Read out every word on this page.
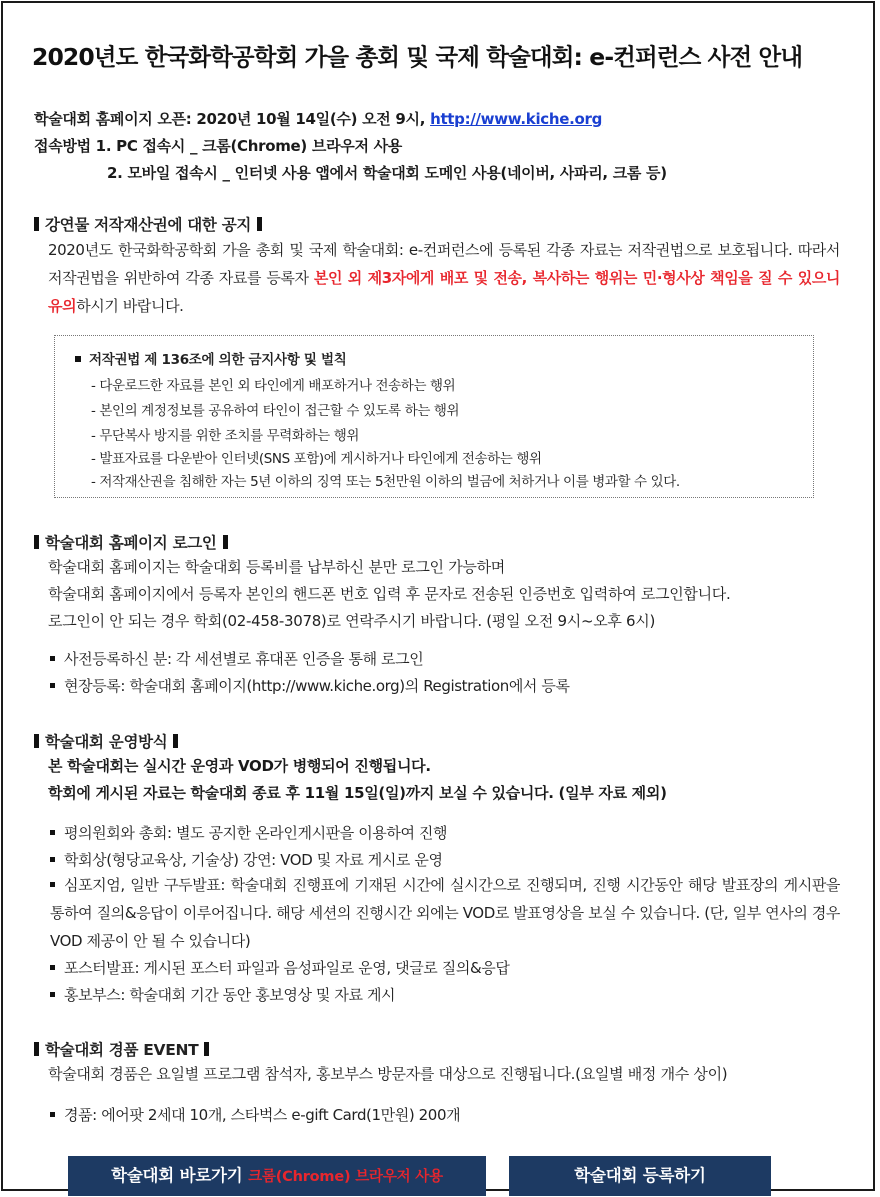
2020년도 한국화학공학회 가을 총회 및 국제 학술대회: e-컨퍼런스 사전 안내
학술대회 홈페이지 오픈: 2020년 10월 14일(수) 오전 9시, http://www.kiche.org
접속방법 1. PC 접속시 _ 크롬(Chrome) 브라우저 사용
2. 모바일 접속시 _ 인터넷 사용 앱에서 학술대회 도메인 사용(네이버, 사파리, 크롬 등)
강연물 저작재산권에 대한 공지
2020년도 한국화학공학회 가을 총회 및 국제 학술대회: e-컨퍼런스에 등록된 각종 자료는 저작권법으로 보호됩니다. 따라서 저작권법을 위반하여 각종 자료를 등록자 본인 외 제3자에게 배포 및 전송, 복사하는 행위는 민·형사상 책임을 질 수 있으니 유의하시기 바랍니다.
저작권법 제 136조에 의한 금지사항 및 벌칙
- 다운로드한 자료를 본인 외 타인에게 배포하거나 전송하는 행위
- 본인의 계정정보를 공유하여 타인이 접근할 수 있도록 하는 행위
- 무단복사 방지를 위한 조치를 무력화하는 행위
- 발표자료를 다운받아 인터넷(SNS 포함)에 게시하거나 타인에게 전송하는 행위
- 저작재산권을 침해한 자는 5년 이하의 징역 또는 5천만원 이하의 벌금에 처하거나 이를 병과할 수 있다.
학술대회 홈페이지 로그인
학술대회 홈페이지는 학술대회 등록비를 납부하신 분만 로그인 가능하며
학술대회 홈페이지에서 등록자 본인의 핸드폰 번호 입력 후 문자로 전송된 인증번호 입력하여 로그인합니다.
로그인이 안 되는 경우 학회(02-458-3078)로 연락주시기 바랍니다. (평일 오전 9시~오후 6시)
사전등록하신 분: 각 세션별로 휴대폰 인증을 통해 로그인
현장등록: 학술대회 홈페이지(http://www.kiche.org)의 Registration에서 등록
학술대회 운영방식
본 학술대회는 실시간 운영과 VOD가 병행되어 진행됩니다.
학회에 게시된 자료는 학술대회 종료 후 11월 15일(일)까지 보실 수 있습니다. (일부 자료 제외)
평의원회와 총회: 별도 공지한 온라인게시판을 이용하여 진행
학회상(형당교육상, 기술상) 강연: VOD 및 자료 게시로 운영
심포지엄, 일반 구두발표: 학술대회 진행표에 기재된 시간에 실시간으로 진행되며, 진행 시간동안 해당 발표장의 게시판을 통하여 질의&응답이 이루어집니다. 해당 세션의 진행시간 외에는 VOD로 발표영상을 보실 수 있습니다. (단, 일부 연사의 경우 VOD 제공이 안 될 수 있습니다)
포스터발표: 게시된 포스터 파일과 음성파일로 운영, 댓글로 질의&응답
홍보부스: 학술대회 기간 동안 홍보영상 및 자료 게시
학술대회 경품 EVENT
학술대회 경품은 요일별 프로그램 참석자, 홍보부스 방문자를 대상으로 진행됩니다.(요일별 배정 개수 상이)
경품: 에어팟 2세대 10개, 스타벅스 e-gift Card(1만원) 200개
학술대회 바로가기 크롬(Chrome) 브라우저 사용	학술대회 등록하기
